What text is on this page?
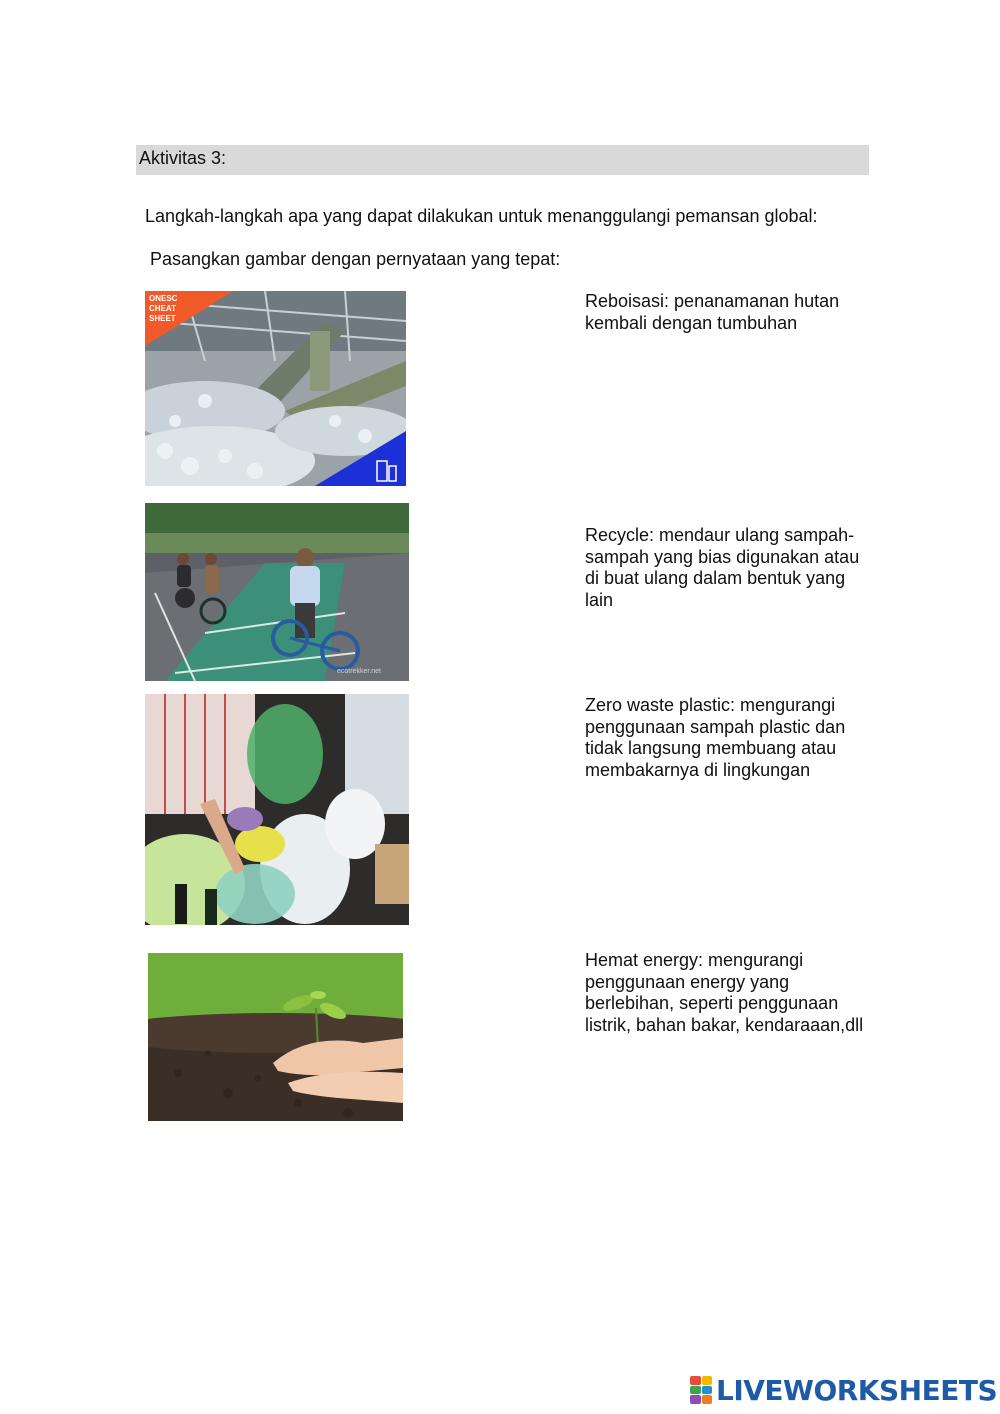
Aktivitas 3:
Langkah-langkah apa yang dapat dilakukan untuk menanggulangi pemansan global:
Pasangkan gambar dengan pernyataan yang tepat:
ONESC
CHEAT
SHEET
ecotrekker.net
Reboisasi: penanamanan hutan
kembali dengan tumbuhan
Recycle: mendaur ulang sampah-
sampah yang bias digunakan atau
di buat ulang dalam bentuk yang
lain
Zero waste plastic: mengurangi
penggunaan sampah plastic dan
tidak langsung membuang atau
membakarnya di lingkungan
Hemat energy: mengurangi
penggunaan energy yang
berlebihan, seperti penggunaan
listrik, bahan bakar, kendaraaan,dll
LIVEWORKSHEETS
